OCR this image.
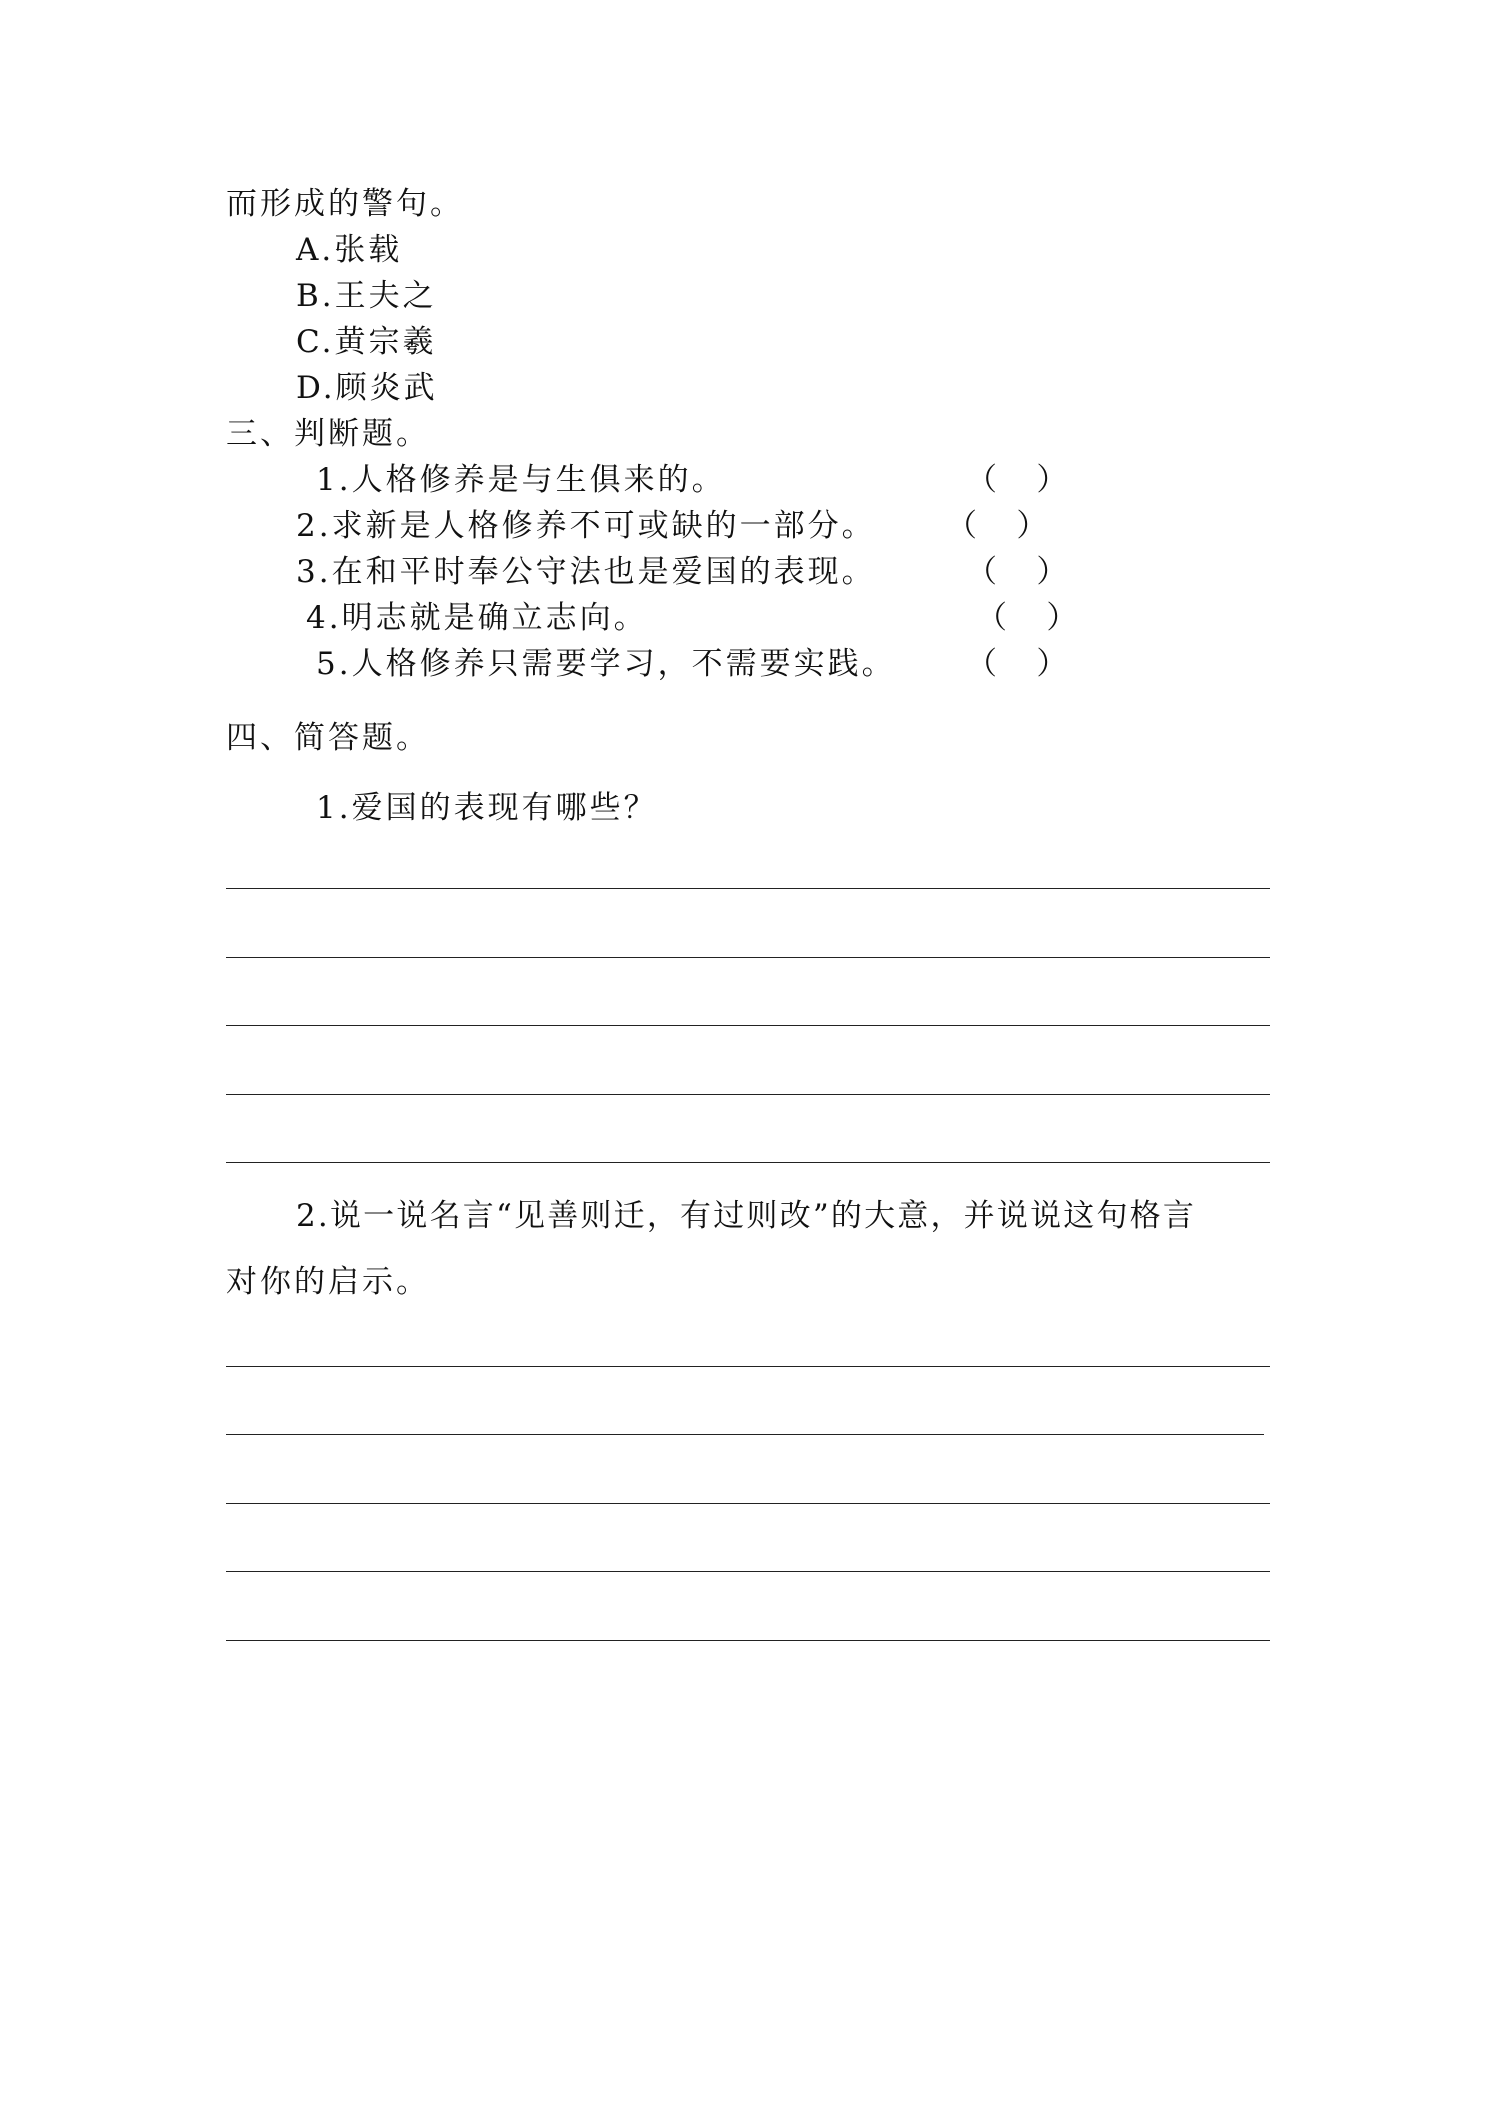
而形成的警句。
A.张载
B.王夫之
C.黄宗羲
D.顾炎武
三、判断题。
1.人格修养是与生俱来的。	（    ）
2.求新是人格修养不可或缺的一部分。 （    ）
3.在和平时奉公守法也是爱国的表现。	（    ）
4.明志就是确立志向。	（    ）
5.人格修养只需要学习，不需要实践。 （    ）
四、简答题。
1.爱国的表现有哪些？
2.说一说名言“见善则迁，有过则改”的大意，并说说这句格言
对你的启示。
